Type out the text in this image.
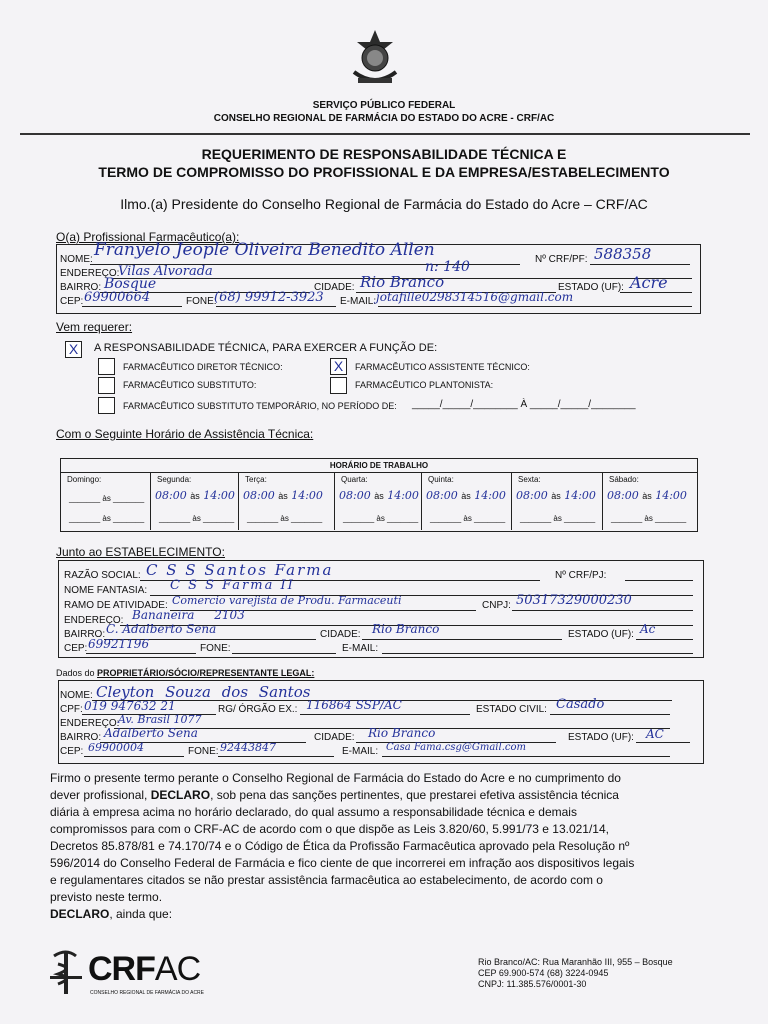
SERVIÇO PÚBLICO FEDERAL
CONSELHO REGIONAL DE FARMÁCIA DO ESTADO DO ACRE - CRF/AC
REQUERIMENTO DE RESPONSABILIDADE TÉCNICA E
TERMO DE COMPROMISSO DO PROFISSIONAL E DA EMPRESA/ESTABELECIMENTO
Ilmo.(a) Presidente do Conselho Regional de Farmácia do Estado do Acre – CRF/AC
O(a) Profissional Farmacêutico(a):
NOME: Franyelo Jeople Oliveira Benedito Allen	Nº CRF/PF: 588358
ENDEREÇO:
Vilas Alvorada	n: 140
BAIRRO: Bosque	CIDADE: Rio Branco	ESTADO (UF): Acre
CEP: 69900664	FONE:
(68) 99912-3923 E-MAIL: jotafille0298314516@gmail.com
Vem requerer:
X	A RESPONSABILIDADE TÉCNICA, PARA EXERCER A FUNÇÃO DE:
FARMACÊUTICO DIRETOR TÉCNICO:	X	FARMACÊUTICO ASSISTENTE TÉCNICO:
FARMACÊUTICO SUBSTITUTO:	FARMACÊUTICO PLANTONISTA:
FARMACÊUTICO SUBSTITUTO TEMPORÁRIO, NO PERÍODO DE: _____/_____/________ À _____/_____/________
Com o Seguinte Horário de Assistência Técnica:
HORÁRIO DE TRABALHO
Domingo:
_______ às _______
_______ às _______
Segunda:
08:00 às 14:00
_______ às _______
Terça:
08:00 às 14:00
_______ às _______
Quarta:
08:00 às 14:00
_______ às _______
Quinta:
08:00 às 14:00
_______ às _______
Sexta:
08:00 às 14:00
_______ às _______
Sábado:
08:00 às 14:00
_______ às _______
Junto ao ESTABELECIMENTO:
RAZÃO SOCIAL: C S S Santos Farma	Nº CRF/PJ:
NOME FANTASIA: C S S Farma II
RAMO DE ATIVIDADE: Comercio varejista de Produ. Farmaceuti	CNPJ: 50317329000230
ENDEREÇO: Bananeira 2103
BAIRRO: C. Adalberto Sena	CIDADE: Rio Branco	ESTADO (UF): Ac
CEP: 69921196	FONE:	E-MAIL:
Dados do PROPRIETÁRIO/SÓCIO/REPRESENTANTE LEGAL:
NOME: Cleyton Souza dos Santos
CPF: 019 947632 21	RG/ ÓRGÃO EX.: 116864 SSP/AC	ESTADO CIVIL: Casado
ENDEREÇO:
Av. Brasil 1077
BAIRRO: Adalberto Sena	CIDADE: Rio Branco	ESTADO (UF): AC
CEP: 69900004	FONE: 92443847	E-MAIL: Casa Fama.csg@Gmail.com
Firmo o presente termo perante o Conselho Regional de Farmácia do Estado do Acre e no cumprimento do
dever profissional, DECLARO, sob pena das sanções pertinentes, que prestarei efetiva assistência técnica
diária à empresa acima no horário declarado, do qual assumo a responsabilidade técnica e demais
compromissos para com o CRF-AC de acordo com o que dispõe as Leis 3.820/60, 5.991/73 e 13.021/14,
Decretos 85.878/81 e 74.170/74 e o Código de Ética da Profissão Farmacêutica aprovado pela Resolução nº
596/2014 do Conselho Federal de Farmácia e fico ciente de que incorrerei em infração aos dispositivos legais
e regulamentares citados se não prestar assistência farmacêutica ao estabelecimento, de acordo com o
previsto neste termo.
DECLARO, ainda que:
CRFAC
CONSELHO REGIONAL DE FARMÁCIA DO ACRE
Rio Branco/AC: Rua Maranhão III, 955 – Bosque
CEP 69.900-574 (68) 3224-0945
CNPJ: 11.385.576/0001-30
